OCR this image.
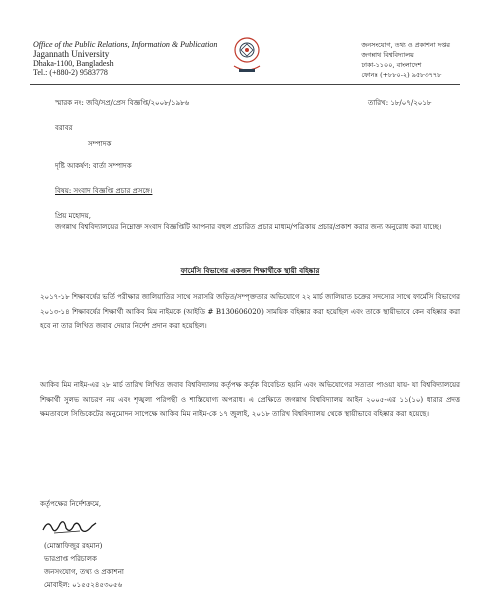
Office of the Public Relations, Information & Publication
Jagannath University
Dhaka-1100, Bangladesh
Tel.: (+880-2) 9583778
জনসংযোগ, তথ্য ও প্রকাশনা দপ্তর
জগন্নাথ বিশ্ববিদ্যালয়
ঢাকা-১১০০, বাংলাদেশ
ফোনঃ (+৮৮০-২) ৯৫৮৩৭৭৮
স্মারক নং: জবি/সপ্র/প্রেস বিজ্ঞপ্তি/২০০৮/১৯৮৬	তারিখ: ১৮/০৭/২০১৮
বরাবর
সম্পাদক
দৃষ্টি আকর্ষণ: বার্তা সম্পাদক
বিষয়: সংবাদ বিজ্ঞপ্তি প্রচার প্রসঙ্গে।
প্রিয় মহোদয়,
জগন্নাথ বিশ্ববিদ্যালয়ের নিম্নোক্ত সংবাদ বিজ্ঞপ্তিটি আপনার বহুল প্রচারিত প্রচার মাধ্যম/পত্রিকায় প্রচার/প্রকাশ করার জন্য অনুরোধ করা যাচ্ছে।
ফার্মেসি বিভাগের একজন শিক্ষার্থীকে স্থায়ী বহিষ্কার
২০১৭-১৮ শিক্ষাবর্ষের ভর্তি পরীক্ষার জালিয়াতির সাথে সরাসরি জড়িত/সম্পৃক্ততার অভিযোগে ২২ মার্চ জালিয়াত চক্রের সদস্যের সাথে ফার্মেসি বিভাগের ২০১৩-১৪ শিক্ষাবর্ষের শিক্ষার্থী আকিব মিম নাইমকে (আইডি # B130606020) সাময়িক বহিষ্কার করা হয়েছিল এবং তাকে স্থায়ীভাবে কেন বহিষ্কার করা হবে না তার লিখিত জবাব দেয়ার নির্দেশ প্রদান করা হয়েছিল।
আকিব মিম নাইম-এর ২৮ মার্চ তারিখ লিখিত জবাব বিশ্ববিদ্যালয় কর্তৃপক্ষ কর্তৃক বিবেচিত হয়নি এবং অভিযোগের সত্যতা পাওয়া যায়- যা বিশ্ববিদ্যালয়ের শিক্ষার্থী সুলভ আচরণ নয় এবং শৃঙ্খলা পরিপন্থী ও শাস্তিযোগ্য অপরাধ। এ প্রেক্ষিতে জগন্নাথ বিশ্ববিদ্যালয় আইন ২০০৫-এর ১১(১০) ধারার প্রদত্ত ক্ষমতাবলে সিন্ডিকেটের অনুমোদন সাপেক্ষে আকিব মিম নাইম-কে ১৭ জুলাই, ২০১৮ তারিখ বিশ্ববিদ্যালয় থেকে স্থায়ীভাবে বহিষ্কার করা হয়েছে।
কর্তৃপক্ষের নির্দেশক্রমে,
(মোস্তাফিজুর রহমান)
ভারপ্রাপ্ত পরিচালক
জনসংযোগ, তথ্য ও প্রকাশনা
মোবাইল: ০১৫৫২৪৫৩০৫৬
